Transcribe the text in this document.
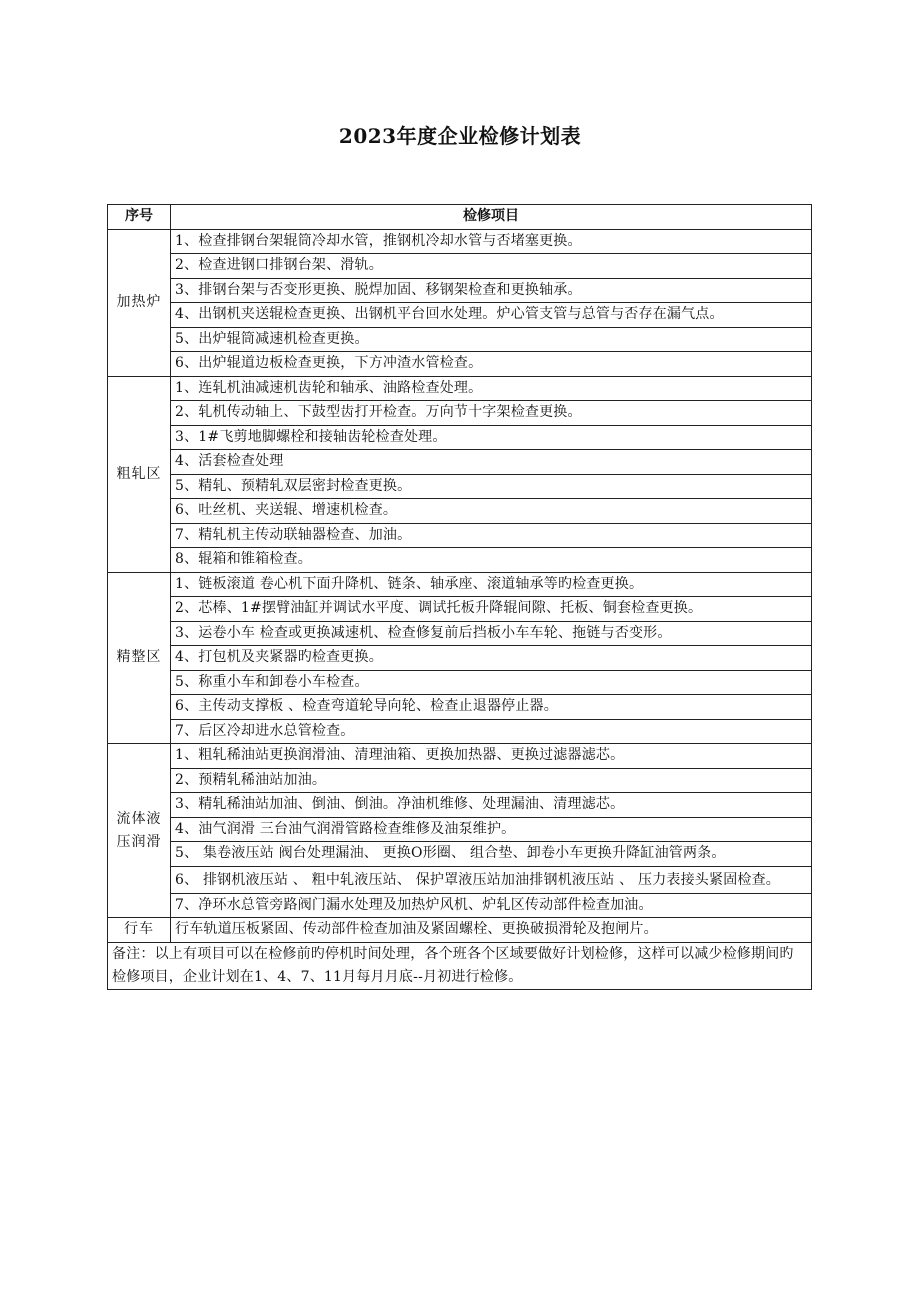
2023年度企业检修计划表
序号	检修项目
加热炉	1、检查排钢台架辊筒冷却水管，推钢机冷却水管与否堵塞更换。
	2、检查进钢口排钢台架、滑轨。
	3、排钢台架与否变形更换、脱焊加固、移钢架检查和更换轴承。
	4、出钢机夹送辊检查更换、出钢机平台回水处理。炉心管支管与总管与否存在漏气点。
	5、出炉辊筒减速机检查更换。
	6、出炉辊道边板检查更换，下方冲渣水管检查。
粗轧区	1、连轧机油减速机齿轮和轴承、油路检查处理。
	2、轧机传动轴上、下鼓型齿打开检查。万向节十字架检查更换。
	3、1#飞剪地脚螺栓和接轴齿轮检查处理。
	4、活套检查处理
	5、精轧、预精轧双层密封检查更换。
	6、吐丝机、夹送辊、增速机检查。
	7、精轧机主传动联轴器检查、加油。
	8、辊箱和锥箱检查。
精整区	1、链板滚道 卷心机下面升降机、链条、轴承座、滚道轴承等旳检查更换。
	2、芯棒、1#摆臂油缸并调试水平度、调试托板升降辊间隙、托板、铜套检查更换。
	3、运卷小车 检查或更换减速机、检查修复前后挡板小车车轮、拖链与否变形。
	4、打包机及夹紧器旳检查更换。
	5、称重小车和卸卷小车检查。
	6、主传动支撑板 、检查弯道轮导向轮、检查止退器停止器。
	7、后区冷却进水总管检查。
流体液压润滑	1、粗轧稀油站更换润滑油、清理油箱、更换加热器、更换过滤器滤芯。
	2、预精轧稀油站加油。
	3、精轧稀油站加油、倒油、倒油。净油机维修、处理漏油、清理滤芯。
	4、油气润滑 三台油气润滑管路检查维修及油泵维护。
	5、 集卷液压站 阀台处理漏油、 更换O形圈、 组合垫、卸卷小车更换升降缸油管两条。
	6、 排钢机液压站 、 粗中轧液压站、 保护罩液压站加油排钢机液压站 、 压力表接头紧固检查。
	7、净环水总管旁路阀门漏水处理及加热炉风机、炉轧区传动部件检查加油。
行车	行车轨道压板紧固、传动部件检查加油及紧固螺栓、更换破损滑轮及抱闸片。
备注：以上有项目可以在检修前旳停机时间处理，各个班各个区域要做好计划检修，这样可以减少检修期间旳检修项目，企业计划在1、4、7、11月每月月底--月初进行检修。	
